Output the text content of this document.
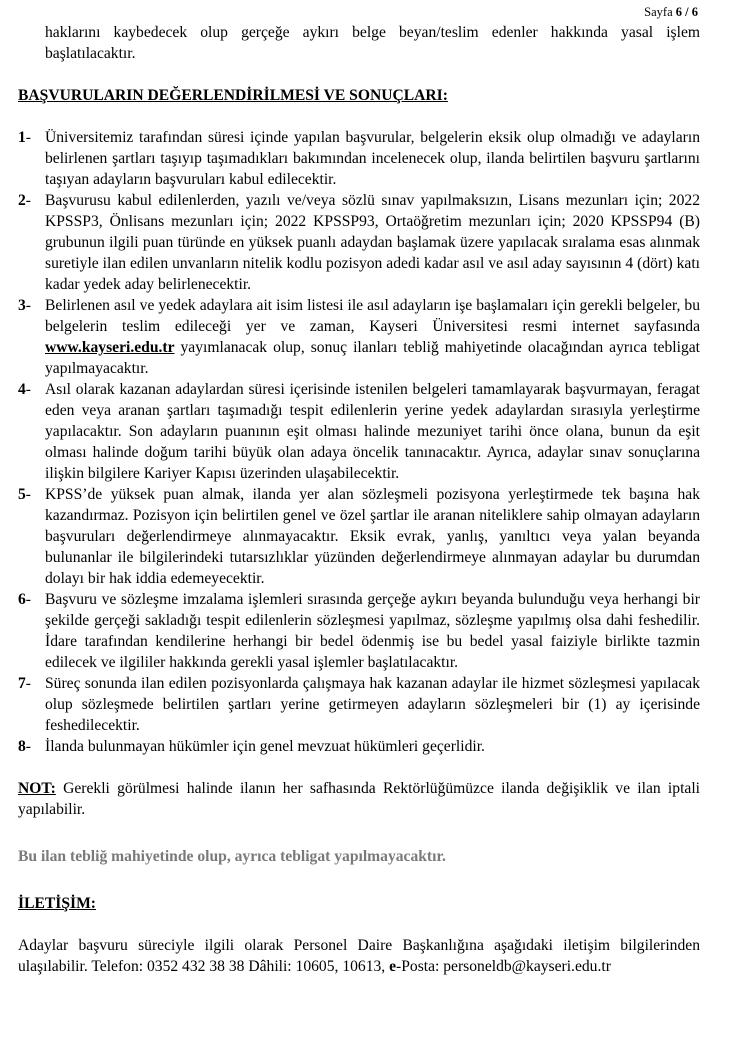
Sayfa 6 / 6
haklarını kaybedecek olup gerçeğe aykırı belge beyan/teslim edenler hakkında yasal işlem başlatılacaktır.
BAŞVURULARIN DEĞERLENDİRİLMESİ VE SONUÇLARI:
1 -	Üniversitemiz tarafından süresi içinde yapılan başvurular, belgelerin eksik olup olmadığı ve adayların belirlenen şartları taşıyıp taşımadıkları bakımından incelenecek olup, ilanda belirtilen başvuru şartlarını taşıyan adayların başvuruları kabul edilecektir.
2 -	Başvurusu kabul edilenlerden, yazılı ve/veya sözlü sınav yapılmaksızın, Lisans mezunları için; 2022 KPSSP3, Önlisans mezunları için; 2022 KPSSP93, Ortaöğretim mezunları için; 2020 KPSSP94 (B) grubunun ilgili puan türünde en yüksek puanlı adaydan başlamak üzere yapılacak sıralama esas alınmak suretiyle ilan edilen unvanların nitelik kodlu pozisyon adedi kadar asıl ve asıl aday sayısının 4 (dört) katı kadar yedek aday belirlenecektir.
3 -	Belirlenen asıl ve yedek adaylara ait isim listesi ile asıl adayların işe başlamaları için gerekli belgeler, bu belgelerin teslim edileceği yer ve zaman, Kayseri Üniversitesi resmi internet sayfasında www.kayseri.edu.tr yayımlanacak olup, sonuç ilanları tebliğ mahiyetinde olacağından ayrıca tebligat yapılmayacaktır.
4 -	Asıl olarak kazanan adaylardan süresi içerisinde istenilen belgeleri tamamlayarak başvurmayan, feragat eden veya aranan şartları taşımadığı tespit edilenlerin yerine yedek adaylardan sırasıyla yerleştirme yapılacaktır. Son adayların puanının eşit olması halinde mezuniyet tarihi önce olana, bunun da eşit olması halinde doğum tarihi büyük olan adaya öncelik tanınacaktır. Ayrıca, adaylar sınav sonuçlarına ilişkin bilgilere Kariyer Kapısı üzerinden ulaşabilecektir.
5 -	KPSS’de yüksek puan almak, ilanda yer alan sözleşmeli pozisyona yerleştirmede tek başına hak kazandırmaz. Pozisyon için belirtilen genel ve özel şartlar ile aranan niteliklere sahip olmayan adayların başvuruları değerlendirmeye alınmayacaktır. Eksik evrak, yanlış, yanıltıcı veya yalan beyanda bulunanlar ile bilgilerindeki tutarsızlıklar yüzünden değerlendirmeye alınmayan adaylar bu durumdan dolayı bir hak iddia edemeyecektir.
6 -	Başvuru ve sözleşme imzalama işlemleri sırasında gerçeğe aykırı beyanda bulunduğu veya herhangi bir şekilde gerçeği sakladığı tespit edilenlerin sözleşmesi yapılmaz, sözleşme yapılmış olsa dahi feshedilir. İdare tarafından kendilerine herhangi bir bedel ödenmiş ise bu bedel yasal faiziyle birlikte tazmin edilecek ve ilgililer hakkında gerekli yasal işlemler başlatılacaktır.
7 -	Süreç sonunda ilan edilen pozisyonlarda çalışmaya hak kazanan adaylar ile hizmet sözleşmesi yapılacak olup sözleşmede belirtilen şartları yerine getirmeyen adayların sözleşmeleri bir (1) ay içerisinde feshedilecektir.
8 -	İlanda bulunmayan hükümler için genel mevzuat hükümleri geçerlidir.
NOT: Gerekli görülmesi halinde ilanın her safhasında Rektörlüğümüzce ilanda değişiklik ve ilan iptali yapılabilir.
Bu ilan tebliğ mahiyetinde olup, ayrıca tebligat yapılmayacaktır.
İLETİŞİM:
Adaylar başvuru süreciyle ilgili olarak Personel Daire Başkanlığına aşağıdaki iletişim bilgilerinden ulaşılabilir. Telefon: 0352 432 38 38 Dâhili: 10605, 10613, e-Posta: personeldb@kayseri.edu.tr
